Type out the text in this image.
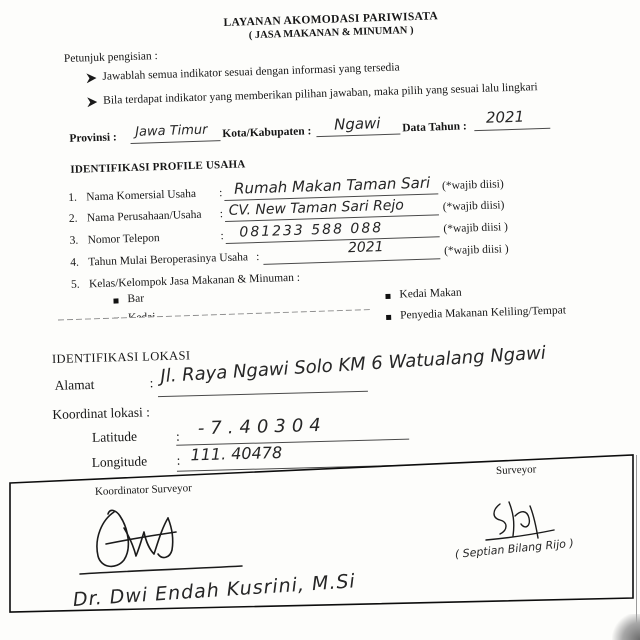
LAYANAN AKOMODASI PARIWISATA
( JASA MAKANAN & MINUMAN )
Petunjuk pengisian :
Jawablah semua indikator sesuai dengan informasi yang tersedia
Bila terdapat indikator yang memberikan pilihan jawaban, maka pilih yang sesuai lalu lingkari
Provinsi : Jawa Timur Kota/Kabupaten : Ngawi Data Tahun :
2021
IDENTIFIKASI PROFILE USAHA
1. Nama Komersial Usaha : Rumah Makan Taman Sari (*wajib diisi)
2. Nama Perusahaan/Usaha : CV. New Taman Sari Rejo	(*wajib diisi)
3. Nomor Telepon	: 081233 588 088	(*wajib diisi )
4. Tahun Mulai Beroperasinya Usaha :
2021	(*wajib diisi )
5. Kelas/Kelompok Jasa Makanan & Minuman :
Bar	Kedai Makan
Penyedia Makanan Keliling/Tempat
IDENTIFIKASI LOKASI
Alamat	: Jl. Raya Ngawi Solo KM 6 Watualang Ngawi
Koordinat lokasi :
Latitude	: -7.40304
Longitude : 111. 40478
Koordinator Surveyor
Surveyor
Dr. Dwi Endah Kusrini, M.Si
( Septian Bilang Rijo )
